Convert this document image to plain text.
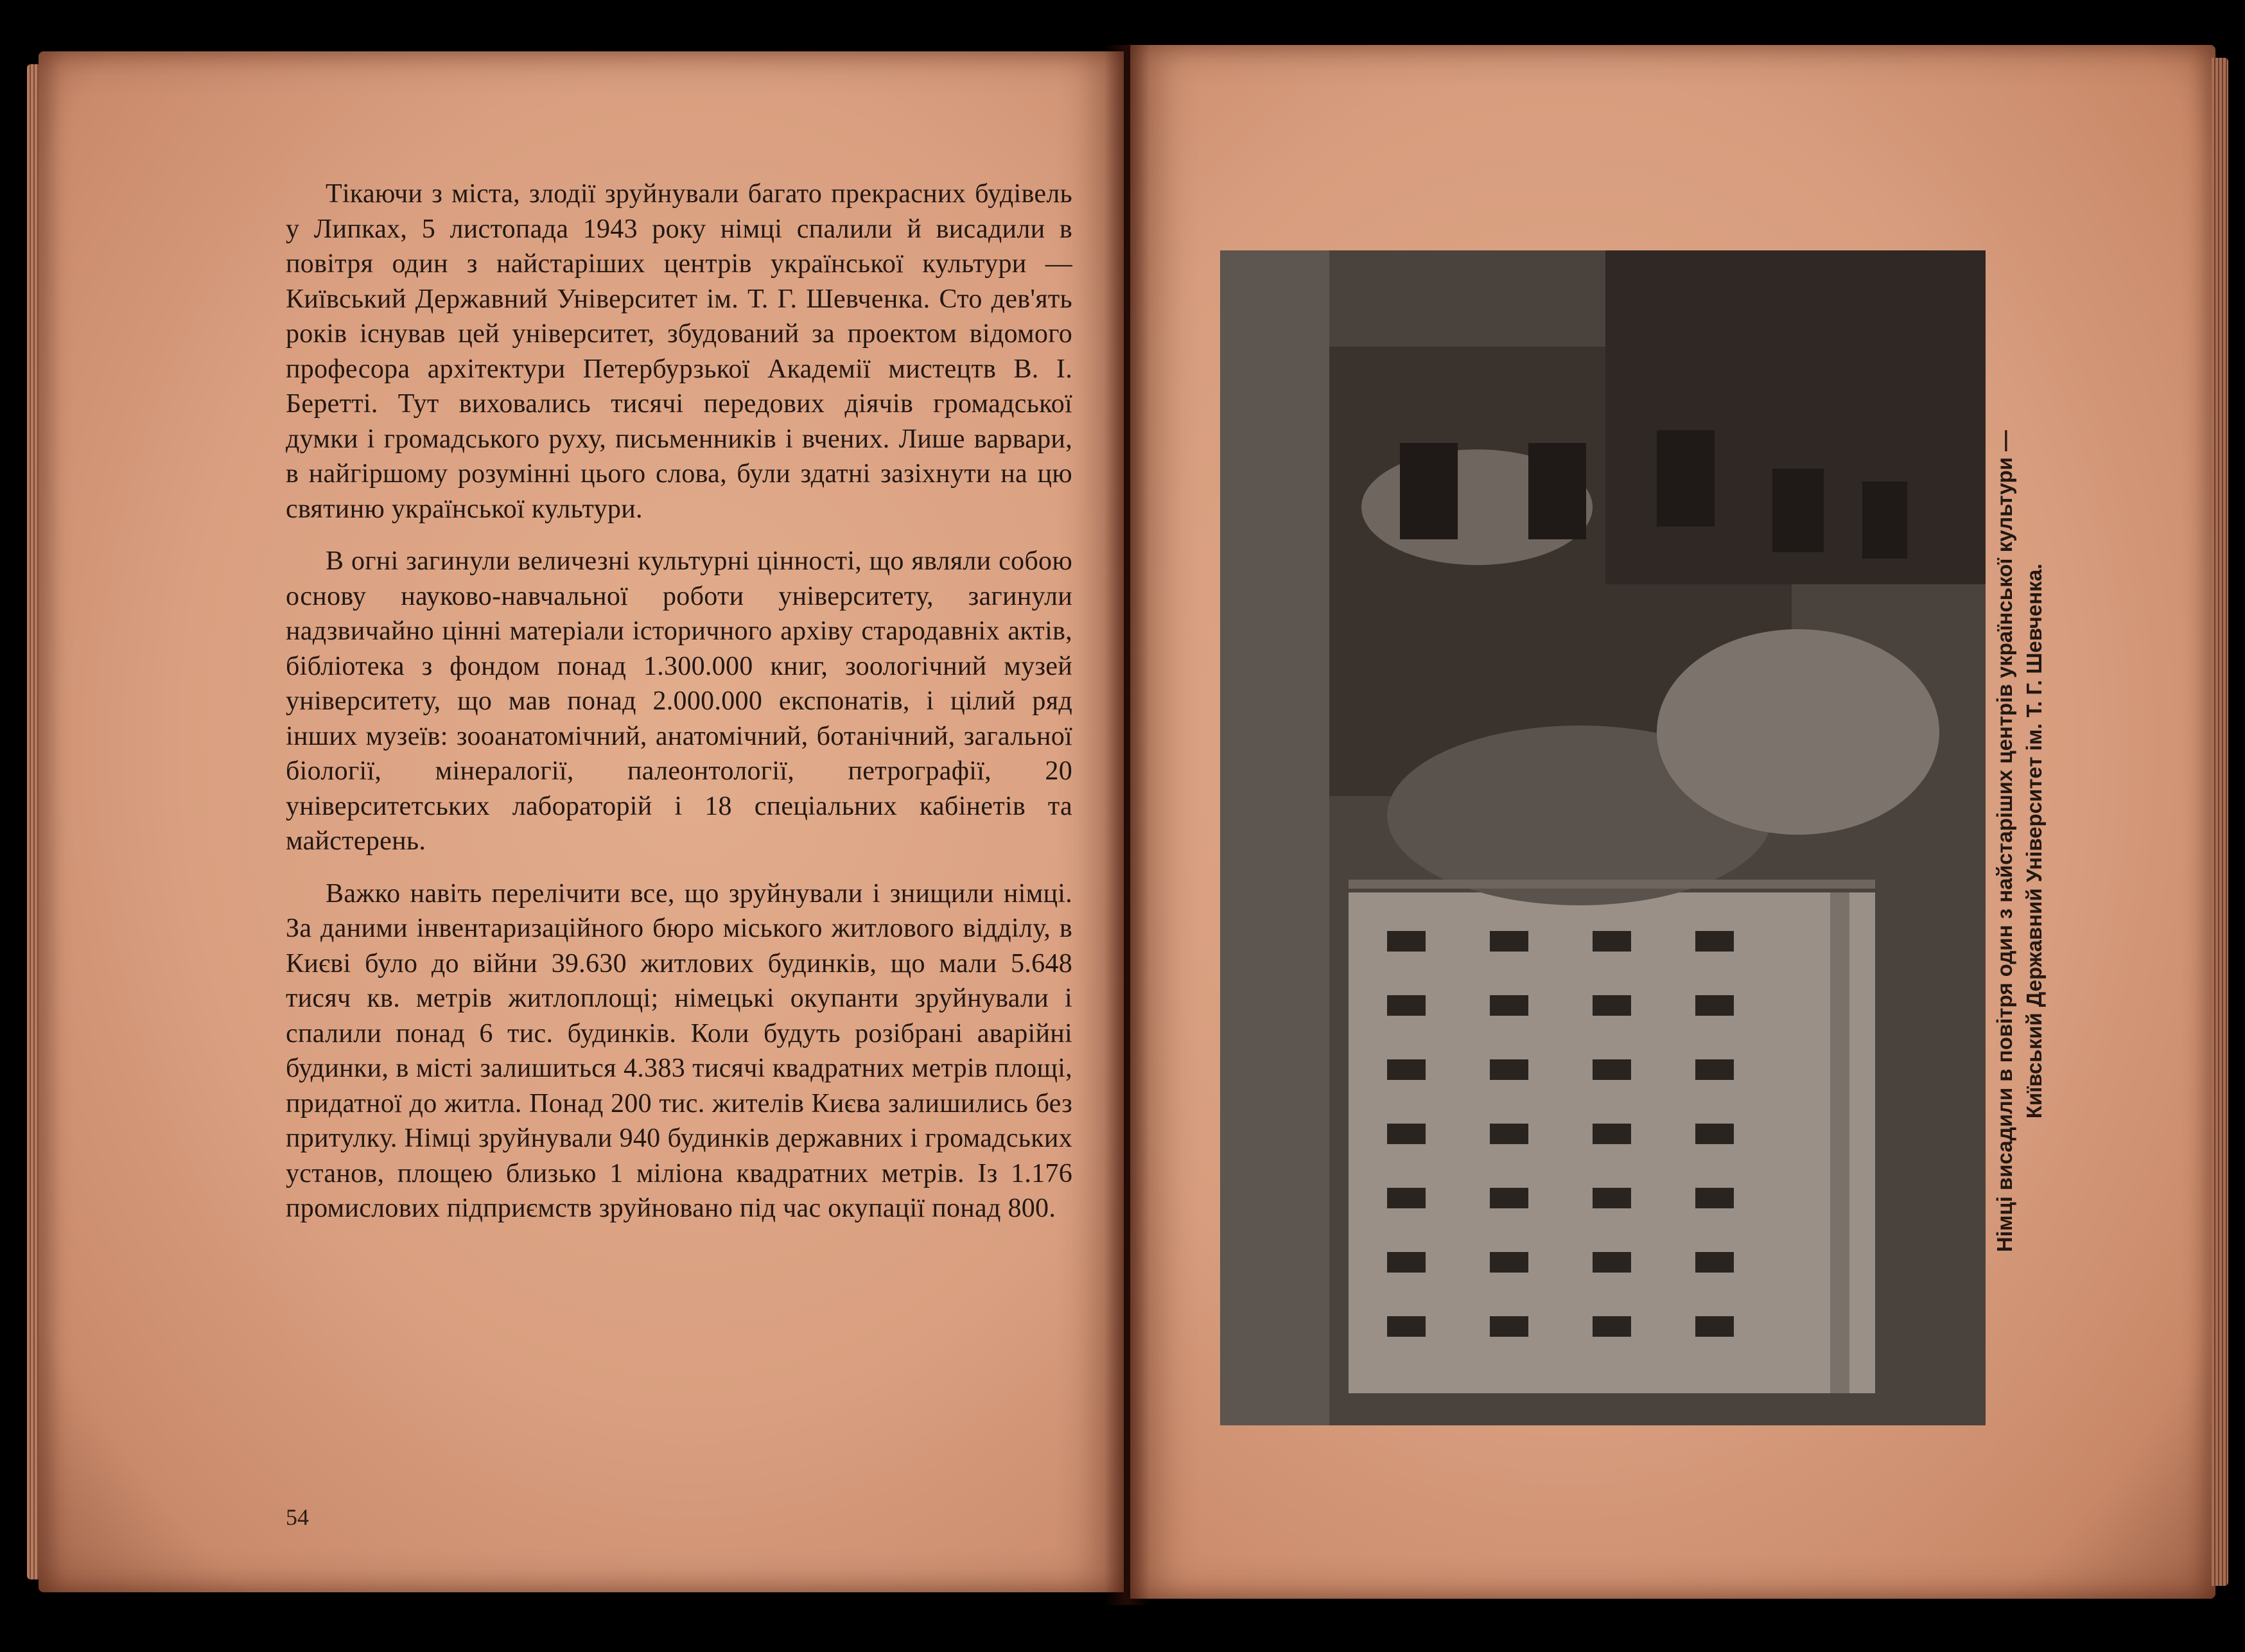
Тікаючи з міста, злодії зруйнували багато прекрасних будівель у Липках, 5 листопада 1943 року німці спалили й висадили в повітря один з найстаріших центрів української культури — Київський Державний Університет ім. Т. Г. Шевченка. Сто дев'ять років існував цей університет, збудований за проектом відомого професора архітектури Петербурзької Академії мистецтв В. І. Беретті. Тут виховались тисячі передових діячів громадської думки і громадського руху, письменників і вчених. Лише варвари, в найгіршому розумінні цього слова, були здатні зазіхнути на цю святиню української культури.

В огні загинули величезні культурні цінності, що являли собою основу науково-навчальної роботи університету, загинули надзвичайно цінні матеріали історичного архіву стародавніх актів, бібліотека з фондом понад 1.300.000 книг, зоологічний музей університету, що мав понад 2.000.000 експонатів, і цілий ряд інших музеїв: зооанатомічний, анатомічний, ботанічний, загальної біології, мінералогії, палеонтології, петрографії, 20 університетських лабораторій і 18 спеціальних кабінетів та майстерень.

Важко навіть перелічити все, що зруйнували і знищили німці. За даними інвентаризаційного бюро міського житлового відділу, в Києві було до війни 39.630 житлових будинків, що мали 5.648 тисяч кв. метрів житлоплощі; німецькі окупанти зруйнували і спалили понад 6 тис. будинків. Коли будуть розібрані аварійні будинки, в місті залишиться 4.383 тисячі квадратних метрів площі, придатної до житла. Понад 200 тис. жителів Києва залишились без притулку. Німці зруйнували 940 будинків державних і громадських установ, площею близько 1 міліона квадратних метрів. Із 1.176 промислових підприємств зруйновано під час окупації понад 800.

54
Німці висадили в повітря один з найстаріших центрів української культури — Київський Державний Університет ім. Т. Г. Шевченка.
